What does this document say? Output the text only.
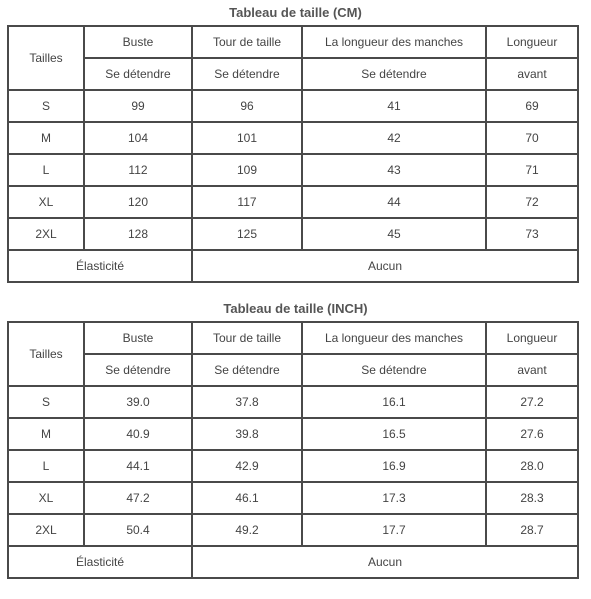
Tableau de taille (CM)
Tailles	Buste	Tour de taille	La longueur des manches	Longueur
	Se détendre	Se détendre	Se détendre	avant
S	99	96	41	69
M	104	101	42	70
L	112	109	43	71
XL	120	117	44	72
2XL	128	125	45	73
Élasticité		Aucun		
Tableau de taille (INCH)
Tailles	Buste	Tour de taille	La longueur des manches	Longueur
	Se détendre	Se détendre	Se détendre	avant
S	39.0	37.8	16.1	27.2
M	40.9	39.8	16.5	27.6
L	44.1	42.9	16.9	28.0
XL	47.2	46.1	17.3	28.3
2XL	50.4	49.2	17.7	28.7
Élasticité		Aucun		
